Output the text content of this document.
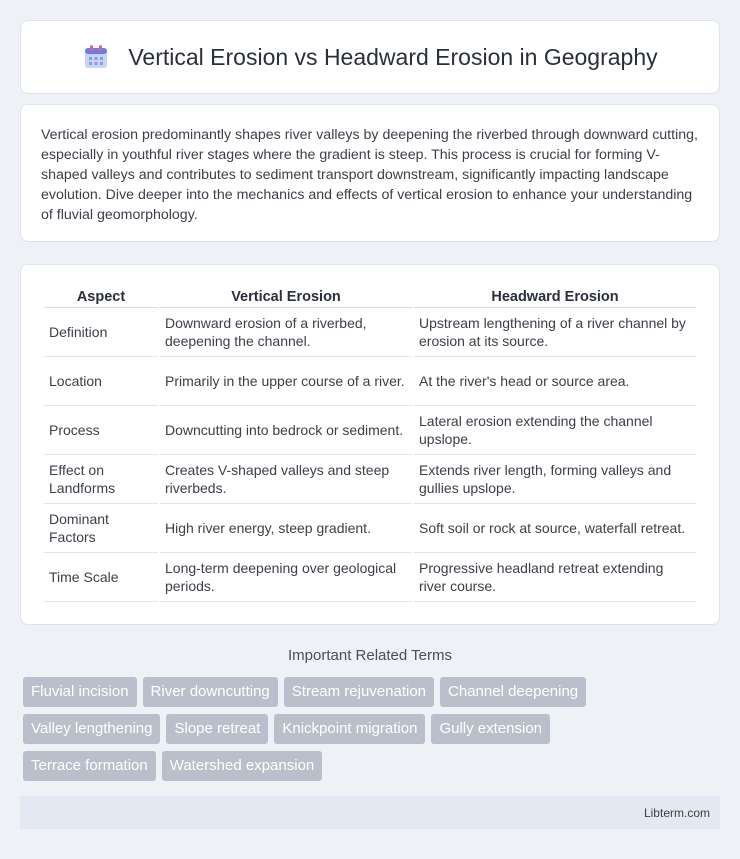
Vertical Erosion vs Headward Erosion in Geography

Vertical erosion predominantly shapes river valleys by deepening the riverbed through downward cutting, especially in youthful river stages where the gradient is steep. This process is crucial for forming V-shaped valleys and contributes to sediment transport downstream, significantly impacting landscape evolution. Dive deeper into the mechanics and effects of vertical erosion to enhance your understanding of fluvial geomorphology.

Aspect	Vertical Erosion	Headward Erosion
Definition	Downward erosion of a riverbed, deepening the channel.	Upstream lengthening of a river channel by erosion at its source.
Location	Primarily in the upper course of a river.	At the river's head or source area.
Process	Downcutting into bedrock or sediment.	Lateral erosion extending the channel upslope.
Effect on Landforms	Creates V-shaped valleys and steep riverbeds.	Extends river length, forming valleys and gullies upslope.
Dominant Factors	High river energy, steep gradient.	Soft soil or rock at source, waterfall retreat.
Time Scale	Long-term deepening over geological periods.	Progressive headland retreat extending river course.
Important Related Terms
Fluvial incision	River downcutting	Stream rejuvenation	Channel deepening
Valley lengthening	Slope retreat	Knickpoint migration	Gully extension
Terrace formation	Watershed expansion
Libterm.com
